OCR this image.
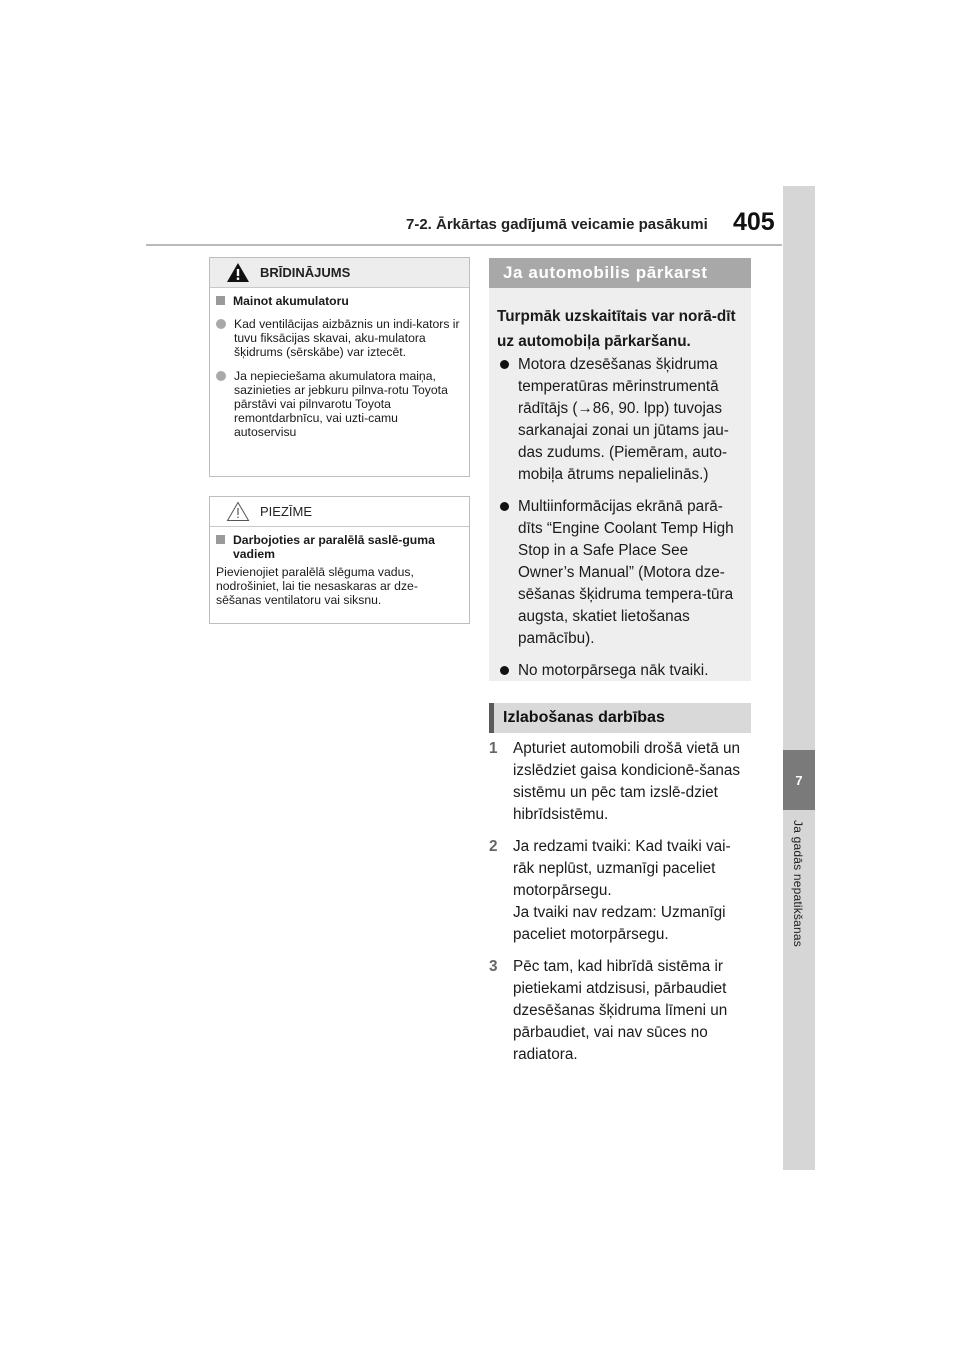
7-2. Ārkārtas gadījumā veicamie pasākumi 405
7
Ja gadās nepatikšanas
BRĪDINĀJUMS
Mainot akumulatoru
Kad ventilācijas aizbāznis un indi-kators ir tuvu fiksācijas skavai, aku-mulatora šķidrums (sērskābe) var iztecēt.
Ja nepieciešama akumulatora maiņa, sazinieties ar jebkuru pilnva-rotu Toyota pārstāvi vai pilnvarotu Toyota remontdarbnīcu, vai uzti-camu autoservisu
PIEZĪME
Darbojoties ar paralēlā saslē-guma vadiem
Pievienojiet paralēlā slēguma vadus, nodrošiniet, lai tie nesaskaras ar dze-sēšanas ventilatoru vai siksnu.
Ja automobilis pārkarst
Turpmāk uzskaitītais var norā-dīt uz automobiļa pārkaršanu.
Motora dzesēšanas šķidruma temperatūras mērinstrumentā rādītājs (→86, 90. lpp) tuvojas sarkanajai zonai un jūtams jau-das zudums. (Piemēram, auto-mobiļa ātrums nepalielinās.)
Multiinformācijas ekrānā parā-dīts “Engine Coolant Temp High Stop in a Safe Place See Owner’s Manual” (Motora dze-sēšanas šķidruma tempera-tūra augsta, skatiet lietošanas pamācību).
No motorpārsega nāk tvaiki.
Izlabošanas darbības
1	Apturiet automobili drošā vietā un izslēdziet gaisa kondicionē-šanas sistēmu un pēc tam izslē-dziet hibrīdsistēmu.
2	Ja redzami tvaiki: Kad tvaiki vai-rāk neplūst, uzmanīgi paceliet motorpārsegu.
Ja tvaiki nav redzam: Uzmanīgi paceliet motorpārsegu.
3	Pēc tam, kad hibrīdā sistēma ir pietiekami atdzisusi, pārbaudiet dzesēšanas šķidruma līmeni un pārbaudiet, vai nav sūces no radiatora.
